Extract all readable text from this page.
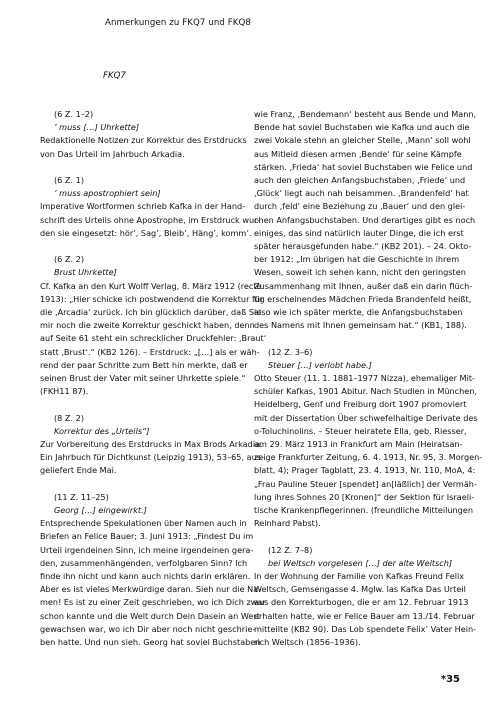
Anmerkungen zu FKQ7 und FKQ8
FKQ7
(6 Z. 1–2)
’ muss […] Uhrkette]
Redaktionelle Notizen zur Korrektur des Erstdrucks
von Das Urteil im Jahrbuch Arkadia.
(6 Z. 1)
’ muss apostrophiert sein]
Imperative Wortformen schrieb Kafka in der Hand-
schrift des Urteils ohne Apostrophe, im Erstdruck wur-
den sie eingesetzt: hör’, Sag’, Bleib’, Häng’, komm’.
(6 Z. 2)
Brust Uhrkette]
Cf. Kafka an den Kurt Wolff Verlag, 8. März 1912 (recte
1913): „Hier schicke ich postwendend die Korrektur für
die ‚Arcadia‘ zurück. Ich bin glücklich darüber, daß Sie
mir noch die zweite Korrektur geschickt haben, denn
auf Seite 61 steht ein schrecklicher Druckfehler: ‚Braut‘
statt ‚Brust‘.“ (KB2 126). – Erstdruck: „[…] als er wäh-
rend der paar Schritte zum Bett hin merkte, daß er
seinen Brust der Vater mit seiner Uhrkette spiele.“
(FKH11 87).
(8 Z. 2)
Korrektur des „Urteils“]
Zur Vorbereitung des Erstdrucks in Max Brods Arkadia.
Ein Jahrbuch für Dichtkunst (Leipzig 1913), 53–65, aus-
geliefert Ende Mai.
(11 Z. 11–25)
Georg […] eingewirkt.]
Entsprechende Spekulationen über Namen auch in
Briefen an Felice Bauer; 3. Juni 1913: „Findest Du im
Urteil irgendeinen Sinn, ich meine irgendeinen gera-
den, zusammenhängenden, verfolgbaren Sinn? Ich
finde ihn nicht und kann auch nichts darin erklären.
Aber es ist vieles Merkwürdige daran. Sieh nur die Na-
men! Es ist zu einer Zeit geschrieben, wo ich Dich zwar
schon kannte und die Welt durch Dein Dasein an Wert
gewachsen war, wo ich Dir aber noch nicht geschrie-
ben hatte. Und nun sieh. Georg hat soviel Buchstaben
wie Franz, ‚Bendemann‘ besteht aus Bende und Mann,
Bende hat soviel Buchstaben wie Kafka und auch die
zwei Vokale stehn an gleicher Stelle, ‚Mann‘ soll wohl
aus Mitleid diesen armen ‚Bende‘ für seine Kämpfe
stärken. ‚Frieda‘ hat soviel Buchstaben wie Felice und
auch den gleichen Anfangsbuchstaben, ‚Friede‘ und
‚Glück‘ liegt auch nah beisammen. ‚Brandenfeld‘ hat
durch ‚feld‘ eine Beziehung zu ‚Bauer‘ und den glei-
chen Anfangsbuchstaben. Und derartiges gibt es noch
einiges, das sind natürlich lauter Dinge, die ich erst
später herausgefunden habe.“ (KB2 201). – 24. Okto-
ber 1912: „Im übrigen hat die Geschichte in ihrem
Wesen, soweit ich sehen kann, nicht den geringsten
Zusammenhang mit Ihnen, außer daß ein darin flüch-
tig erscheinendes Mädchen Frieda Brandenfeld heißt,
also wie ich später merkte, die Anfangsbuchstaben
des Namens mit Ihnen gemeinsam hat.“ (KB1, 188).
(12 Z. 3–6)
Steuer […] verlobt habe.]
Otto Steuer (11. 1. 1881–1977 Nizza), ehemaliger Mit-
schüler Kafkas, 1901 Abitur. Nach Studien in München,
Heidelberg, Genf und Freiburg dort 1907 promoviert
mit der Dissertation Über schwefelhaltige Derivate des
o-Toluchinolins. – Steuer heiratete Ella, geb. Riesser,
am 29. März 1913 in Frankfurt am Main (Heiratsan-
zeige Frankfurter Zeitung, 6. 4. 1913, Nr. 95, 3. Morgen-
blatt, 4); Prager Tagblatt, 23. 4. 1913, Nr. 110, MoA, 4:
„Frau Pauline Steuer [spendet] an[läßlich] der Vermäh-
lung ihres Sohnes 20 [Kronen]“ der Sektion für Israeli-
tische Krankenpflegerinnen. (freundliche Mitteilungen
Reinhard Pabst).
(12 Z. 7–8)
bei Weltsch vorgelesen […] der alte Weltsch]
In der Wohnung der Familie von Kafkas Freund Felix
Weltsch, Gemsengasse 4. Mglw. las Kafka Das Urteil
aus den Korrekturbogen, die er am 12. Februar 1913
erhalten hatte, wie er Felice Bauer am 13./14. Februar
mitteilte (KB2 90). Das Lob spendete Felix’ Vater Hein-
rich Weltsch (1856–1936).
*35
